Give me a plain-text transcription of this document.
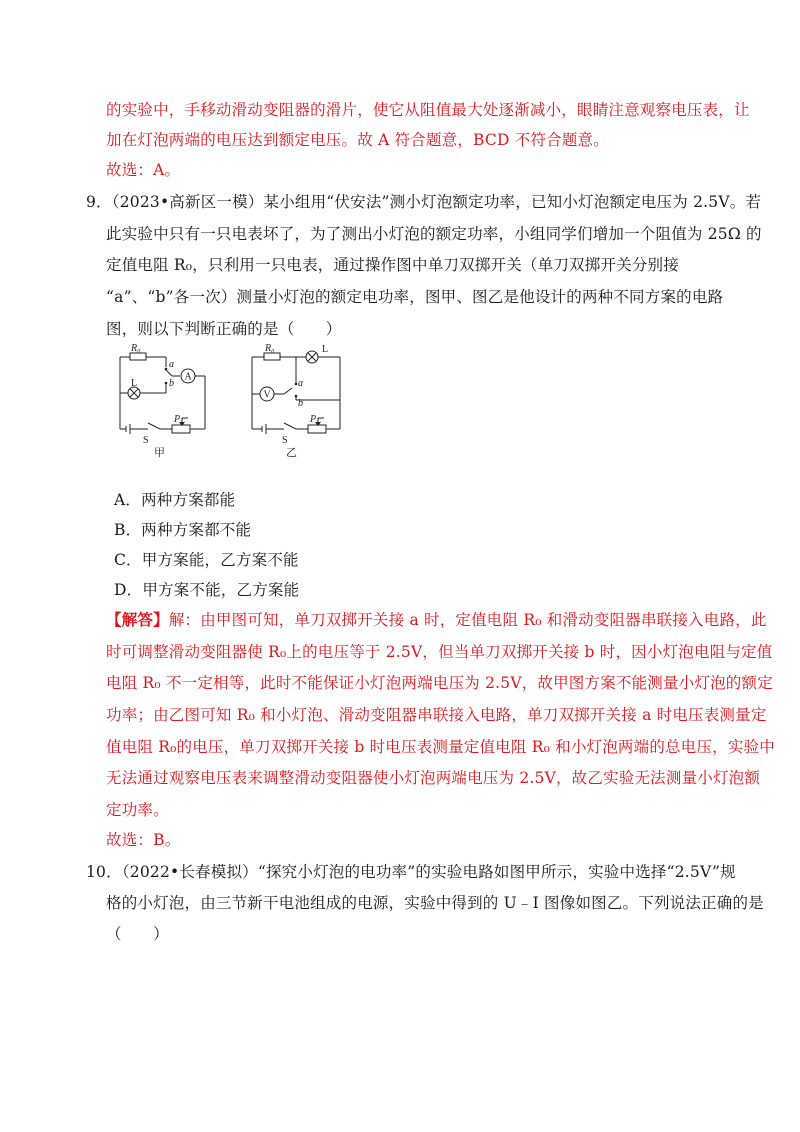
的实验中，手移动滑动变阻器的滑片，使它从阻值最大处逐渐减小，眼睛注意观察电压表，让
加在灯泡两端的电压达到额定电压。故 A 符合题意，BCD 不符合题意。
故选：A。
9．（2023•高新区一模）某小组用“伏安法”测小灯泡额定功率，已知小灯泡额定电压为 2.5V。若
此实验中只有一只电表坏了，为了测出小灯泡的额定功率，小组同学们增加一个阻值为 25Ω 的
定值电阻 R₀，只利用一只电表，通过操作图中单刀双掷开关（单刀双掷开关分别接
“a”、“b”各一次）测量小灯泡的额定电功率，图甲、图乙是他设计的两种不同方案的电路
图，则以下判断正确的是（　　）
R₀
a
b
L
A
P
S
甲
R₀
a
b
L
V
P
S
乙
A．两种方案都能
B．两种方案都不能
C．甲方案能，乙方案不能
D．甲方案不能，乙方案能
【解答】解：由甲图可知，单刀双掷开关接 a 时，定值电阻 R₀ 和滑动变阻器串联接入电路，此
时可调整滑动变阻器使 R₀上的电压等于 2.5V，但当单刀双掷开关接 b 时，因小灯泡电阻与定值
电阻 R₀ 不一定相等，此时不能保证小灯泡两端电压为 2.5V，故甲图方案不能测量小灯泡的额定
功率；由乙图可知 R₀ 和小灯泡、滑动变阻器串联接入电路，单刀双掷开关接 a 时电压表测量定
值电阻 R₀的电压，单刀双掷开关接 b 时电压表测量定值电阻 R₀ 和小灯泡两端的总电压，实验中
无法通过观察电压表来调整滑动变阻器使小灯泡两端电压为 2.5V，故乙实验无法测量小灯泡额
定功率。
故选：B。
10．（2022•长春模拟）“探究小灯泡的电功率”的实验电路如图甲所示，实验中选择“2.5V”规
格的小灯泡，由三节新干电池组成的电源，实验中得到的 U﹣I 图像如图乙。下列说法正确的是
（　　）
